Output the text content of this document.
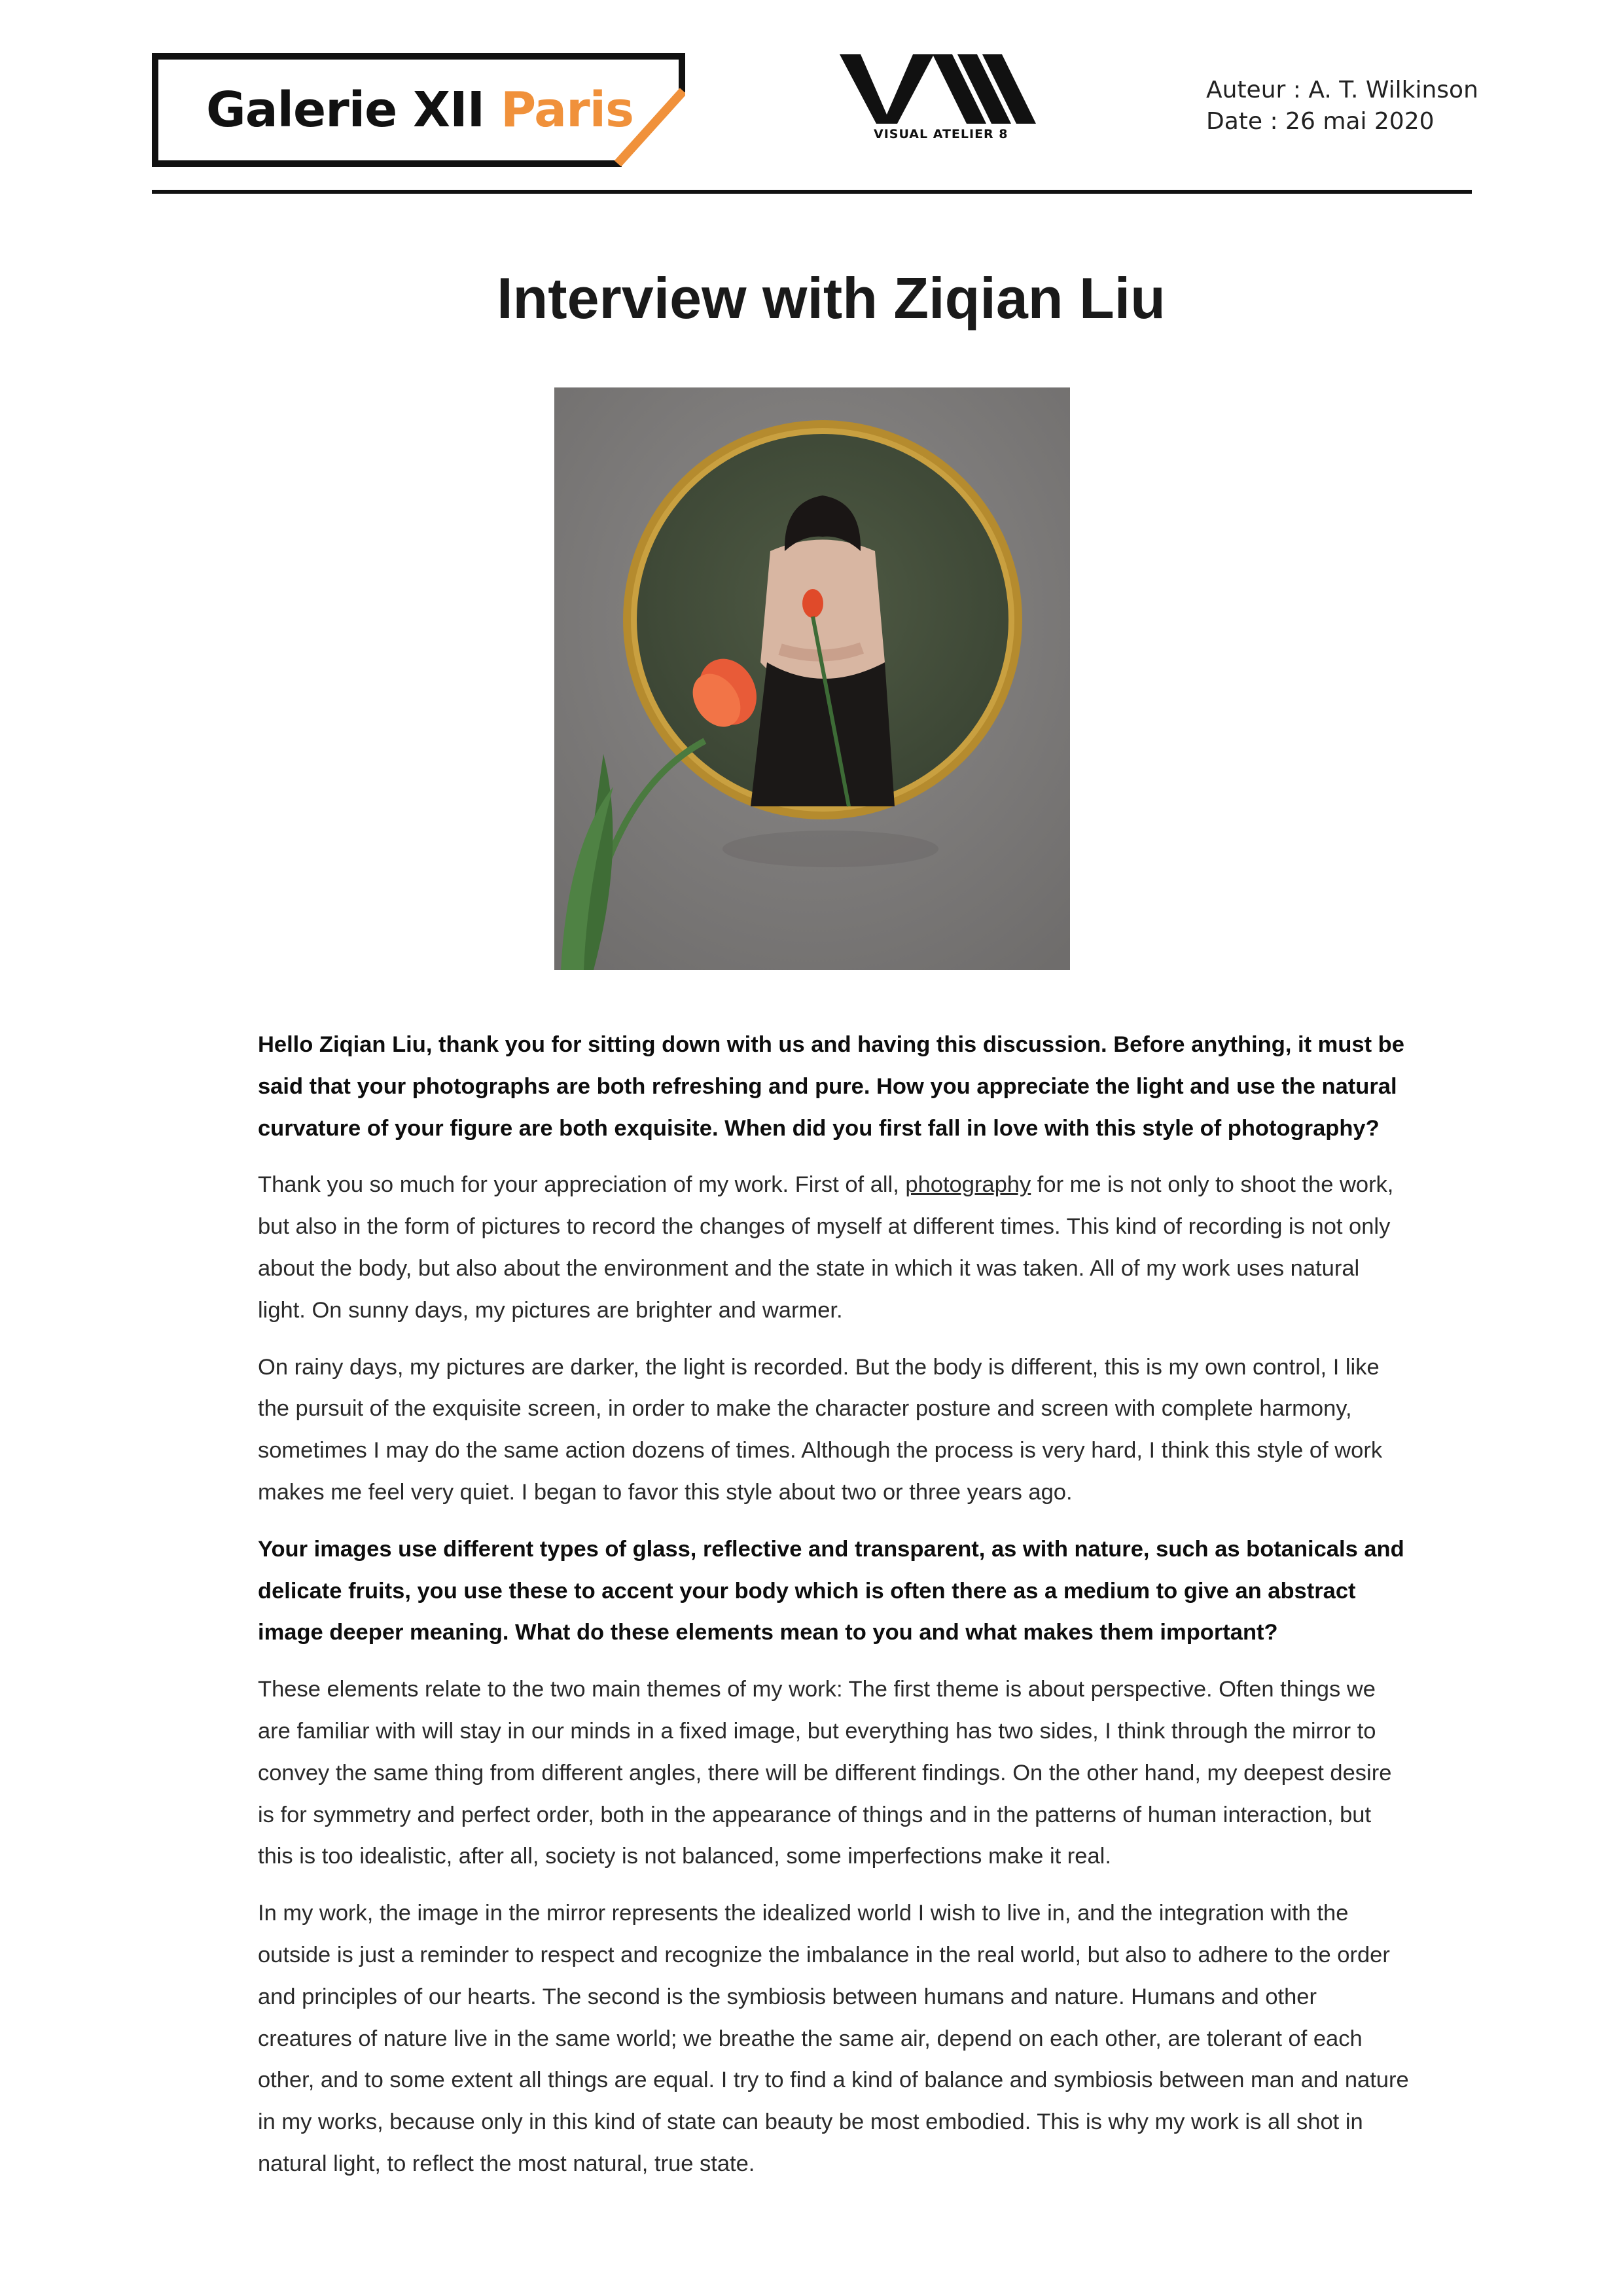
Galerie XII Paris	VISUAL ATELIER 8
Auteur : A. T. Wilkinson
Date : 26 mai 2020
Interview with Ziqian Liu

Hello Ziqian Liu, thank you for sitting down with us and having this discussion. Before anything, it must be said that your photographs are both refreshing and pure. How you appreciate the light and use the natural curvature of your figure are both exquisite. When did you first fall in love with this style of photography?

Thank you so much for your appreciation of my work. First of all, photography for me is not only to shoot the work, but also in the form of pictures to record the changes of myself at different times. This kind of recording is not only about the body, but also about the environment and the state in which it was taken. All of my work uses natural light. On sunny days, my pictures are brighter and warmer.

On rainy days, my pictures are darker, the light is recorded. But the body is different, this is my own control, I like the pursuit of the exquisite screen, in order to make the character posture and screen with complete harmony, sometimes I may do the same action dozens of times. Although the process is very hard, I think this style of work makes me feel very quiet. I began to favor this style about two or three years ago.

Your images use different types of glass, reflective and transparent, as with nature, such as botanicals and delicate fruits, you use these to accent your body which is often there as a medium to give an abstract image deeper meaning. What do these elements mean to you and what makes them important?

These elements relate to the two main themes of my work: The first theme is about perspective. Often things we are familiar with will stay in our minds in a fixed image, but everything has two sides, I think through the mirror to convey the same thing from different angles, there will be different findings. On the other hand, my deepest desire is for symmetry and perfect order, both in the appearance of things and in the patterns of human interaction, but this is too idealistic, after all, society is not balanced, some imperfections make it real.

In my work, the image in the mirror represents the idealized world I wish to live in, and the integration with the outside is just a reminder to respect and recognize the imbalance in the real world, but also to adhere to the order and principles of our hearts. The second is the symbiosis between humans and nature. Humans and other creatures of nature live in the same world; we breathe the same air, depend on each other, are tolerant of each other, and to some extent all things are equal. I try to find a kind of balance and symbiosis between man and nature in my works, because only in this kind of state can beauty be most embodied. This is why my work is all shot in natural light, to reflect the most natural, true state.
